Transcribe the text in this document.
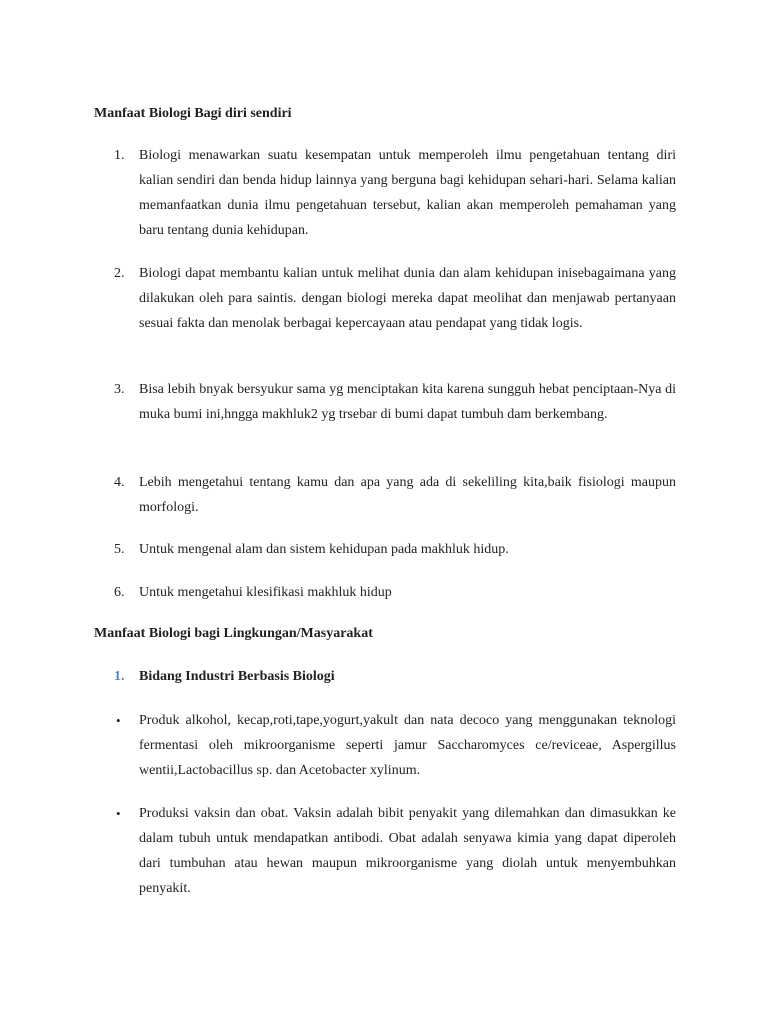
Manfaat Biologi Bagi diri sendiri
1.	Biologi menawarkan suatu kesempatan untuk memperoleh ilmu pengetahuan tentang diri kalian sendiri dan benda hidup lainnya yang berguna bagi kehidupan sehari-hari. Selama kalian memanfaatkan dunia ilmu pengetahuan tersebut, kalian akan memperoleh pemahaman yang baru tentang dunia kehidupan.
2.	Biologi dapat membantu kalian untuk melihat dunia dan alam kehidupan inisebagaimana yang dilakukan oleh para saintis. dengan biologi mereka dapat meolihat dan menjawab pertanyaan sesuai fakta dan menolak berbagai kepercayaan atau pendapat yang tidak logis.
3.	Bisa lebih bnyak bersyukur sama yg menciptakan kita karena sungguh hebat penciptaan-Nya di muka bumi ini,hngga makhluk2 yg trsebar di bumi dapat tumbuh dam berkembang.
4.	Lebih mengetahui tentang kamu dan apa yang ada di sekeliling kita,baik fisiologi maupun morfologi.
5.	Untuk mengenal alam dan sistem kehidupan pada makhluk hidup.
6.	Untuk mengetahui klesifikasi makhluk hidup
Manfaat Biologi bagi Lingkungan/Masyarakat
1.	Bidang Industri Berbasis Biologi
•	Produk alkohol, kecap,roti,tape,yogurt,yakult dan nata decoco yang menggunakan teknologi fermentasi oleh mikroorganisme seperti jamur Saccharomyces ce/reviceae, Aspergillus wentii,Lactobacillus sp. dan Acetobacter xylinum.
•	Produksi vaksin dan obat. Vaksin adalah bibit penyakit yang dilemahkan dan dimasukkan ke dalam tubuh untuk mendapatkan antibodi. Obat adalah senyawa kimia yang dapat diperoleh dari tumbuhan atau hewan maupun mikroorganisme yang diolah untuk menyembuhkan penyakit.
